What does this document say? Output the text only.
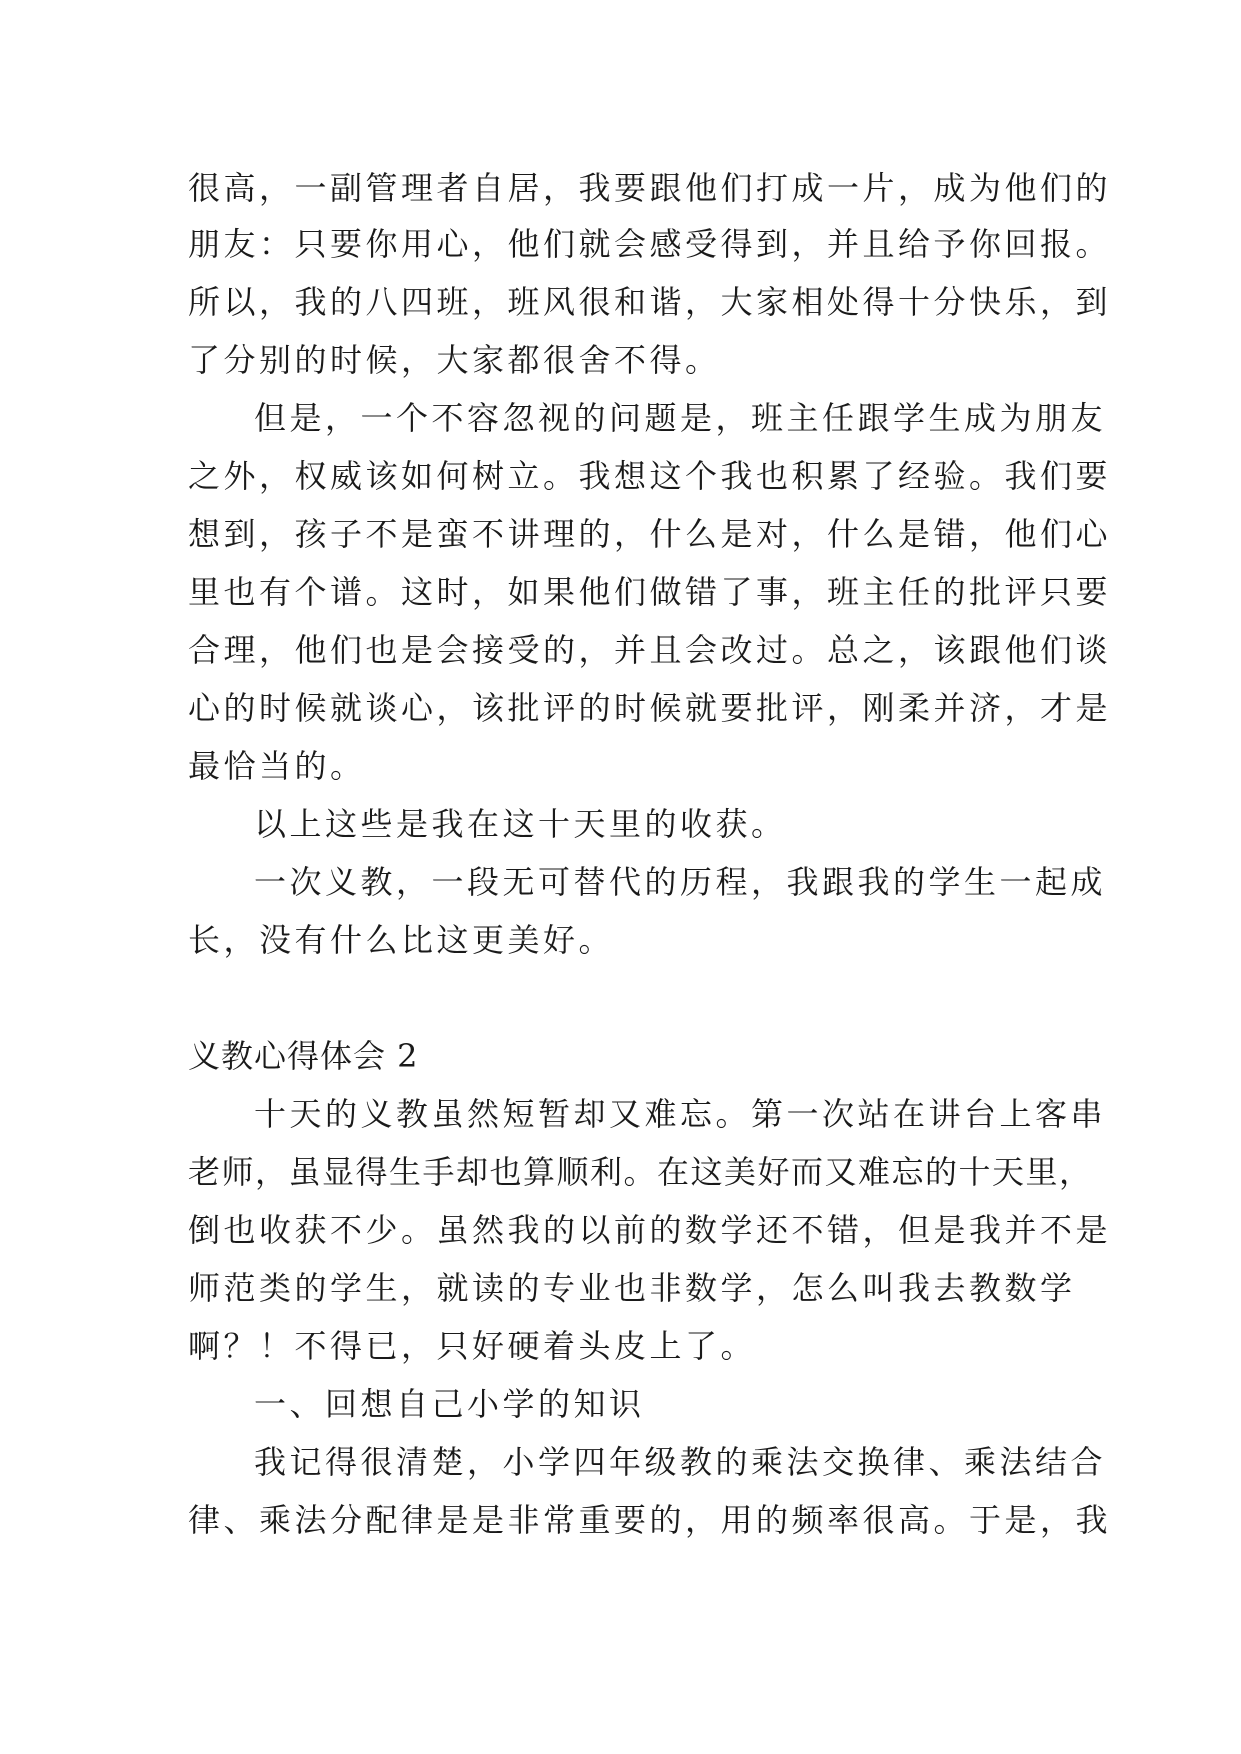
很高，一副管理者自居，我要跟他们打成一片，成为他们的
朋友：只要你用心，他们就会感受得到，并且给予你回报。
所以，我的八四班，班风很和谐，大家相处得十分快乐，到
了分别的时候，大家都很舍不得。
但是，一个不容忽视的问题是，班主任跟学生成为朋友
之外，权威该如何树立。我想这个我也积累了经验。我们要
想到，孩子不是蛮不讲理的，什么是对，什么是错，他们心
里也有个谱。这时，如果他们做错了事，班主任的批评只要
合理，他们也是会接受的，并且会改过。总之，该跟他们谈
心的时候就谈心，该批评的时候就要批评，刚柔并济，才是
最恰当的。
以上这些是我在这十天里的收获。
一次义教，一段无可替代的历程，我跟我的学生一起成
长，没有什么比这更美好。
义教心得体会 2
十天的义教虽然短暂却又难忘。第一次站在讲台上客串
老师，虽显得生手却也算顺利。在这美好而又难忘的十天里，
倒也收获不少。虽然我的以前的数学还不错，但是我并不是
师范类的学生，就读的专业也非数学，怎么叫我去教数学
啊？！不得已，只好硬着头皮上了。
一、回想自己小学的知识
我记得很清楚，小学四年级教的乘法交换律、乘法结合
律、乘法分配律是是非常重要的，用的频率很高。于是，我
